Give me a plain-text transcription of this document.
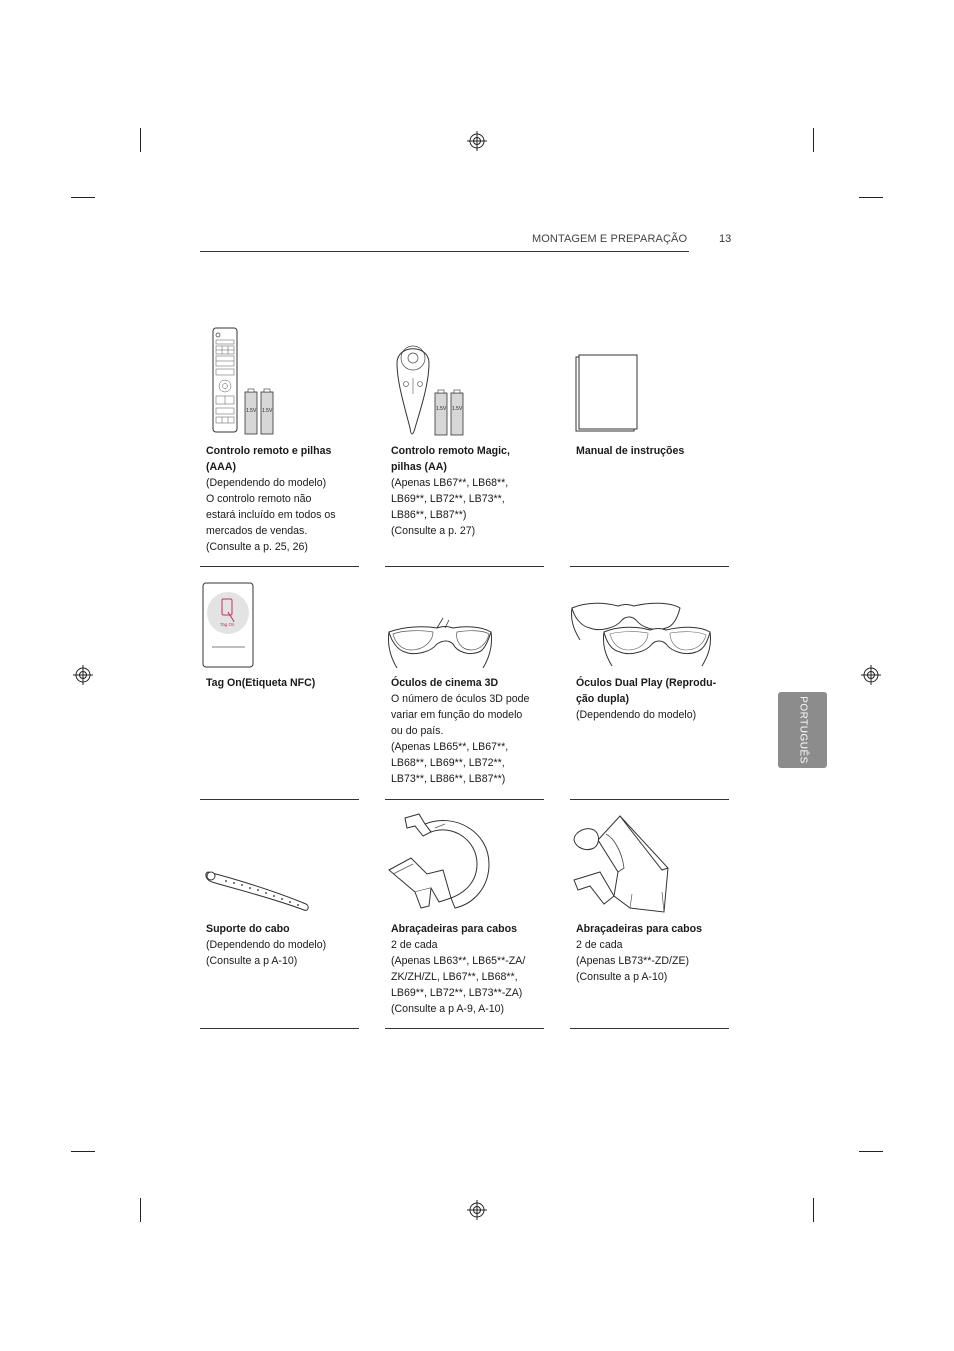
MONTAGEM E PREPARAÇÃO	13
PORTUGUÊS
1.5V 1.5V
Controlo remoto e pilhas
(AAA)
(Dependendo do modelo)
O controlo remoto não
estará incluído em todos os
mercados de vendas.
(Consulte a p. 25, 26)
1.5V 1.5V
Controlo remoto Magic,
pilhas (AA)
(Apenas LB67**, LB68**,
LB69**, LB72**, LB73**,
LB86**, LB87**)
(Consulte a p. 27)
Manual de instruções
Tag On
Tag On(Etiqueta NFC)	Óculos de cinema 3D
O número de óculos 3D pode
variar em função do modelo
ou do país.
(Apenas LB65**, LB67**,
LB68**, LB69**, LB72**,
LB73**, LB86**, LB87**)
Óculos Dual Play (Reprodu-
ção dupla)
(Dependendo do modelo)
Suporte do cabo
(Dependendo do modelo)
(Consulte a p A-10)
Abraçadeiras para cabos
2 de cada
(Apenas LB63**, LB65**-ZA/
ZK/ZH/ZL, LB67**, LB68**,
LB69**, LB72**, LB73**-ZA)
(Consulte a p A-9, A-10)
Abraçadeiras para cabos
2 de cada
(Apenas LB73**-ZD/ZE)
(Consulte a p A-10)
